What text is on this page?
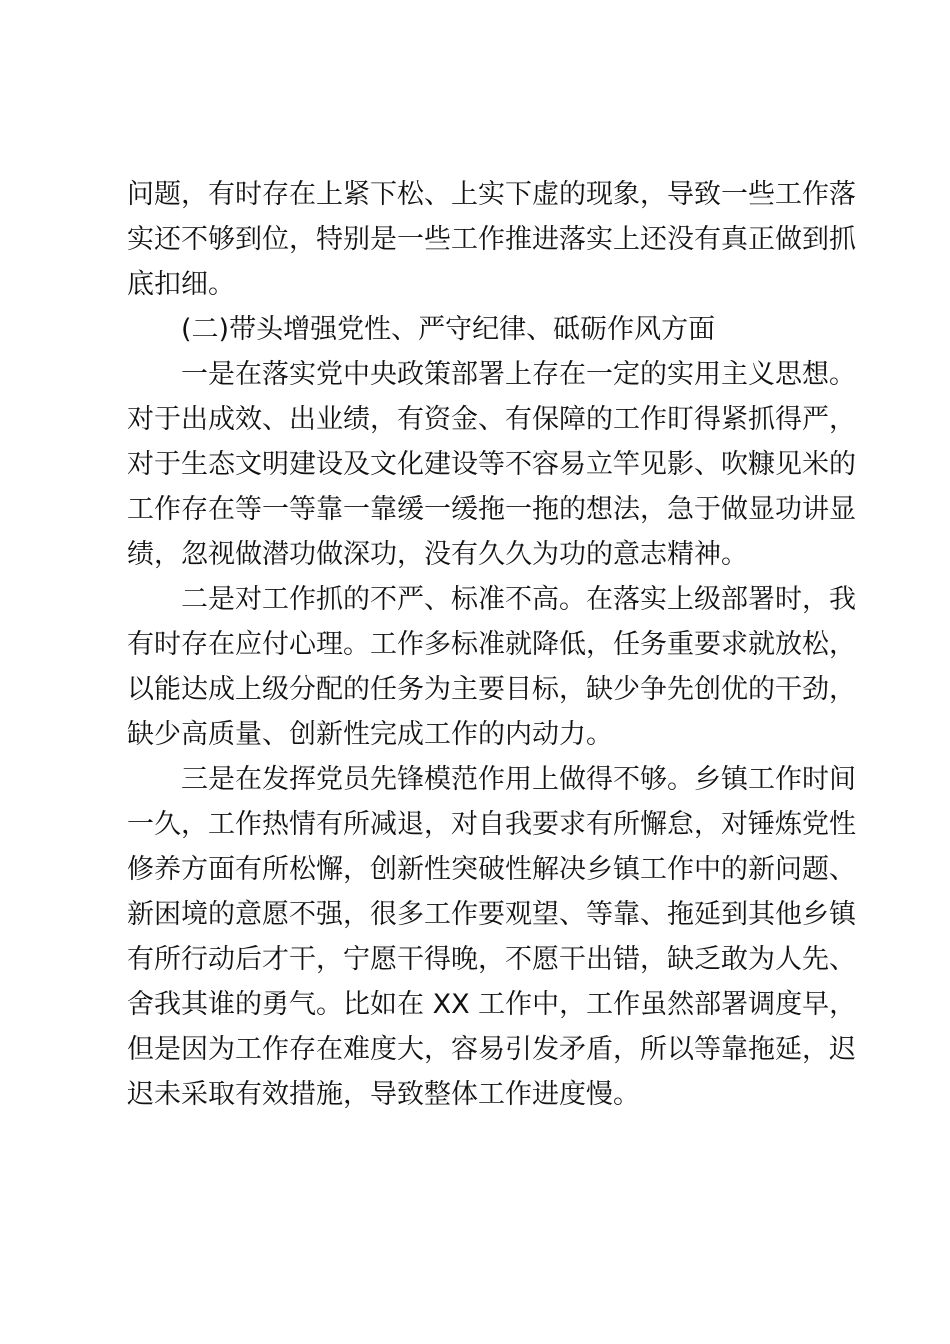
问题，有时存在上紧下松、上实下虚的现象，导致一些工作落
实还不够到位，特别是一些工作推进落实上还没有真正做到抓
底扣细。

(二)带头增强党性、严守纪律、砥砺作风方面

一是在落实党中央政策部署上存在一定的实用主义思想。
对于出成效、出业绩，有资金、有保障的工作盯得紧抓得严，
对于生态文明建设及文化建设等不容易立竿见影、吹糠见米的
工作存在等一等靠一靠缓一缓拖一拖的想法，急于做显功讲显
绩，忽视做潜功做深功，没有久久为功的意志精神。

二是对工作抓的不严、标准不高。在落实上级部署时，我
有时存在应付心理。工作多标准就降低，任务重要求就放松，
以能达成上级分配的任务为主要目标，缺少争先创优的干劲，
缺少高质量、创新性完成工作的内动力。

三是在发挥党员先锋模范作用上做得不够。乡镇工作时间
一久，工作热情有所减退，对自我要求有所懈怠，对锤炼党性
修养方面有所松懈，创新性突破性解决乡镇工作中的新问题、
新困境的意愿不强，很多工作要观望、等靠、拖延到其他乡镇
有所行动后才干，宁愿干得晚，不愿干出错，缺乏敢为人先、
舍我其谁的勇气。比如在 XX 工作中，工作虽然部署调度早，
但是因为工作存在难度大，容易引发矛盾，所以等靠拖延，迟
迟未采取有效措施，导致整体工作进度慢。
